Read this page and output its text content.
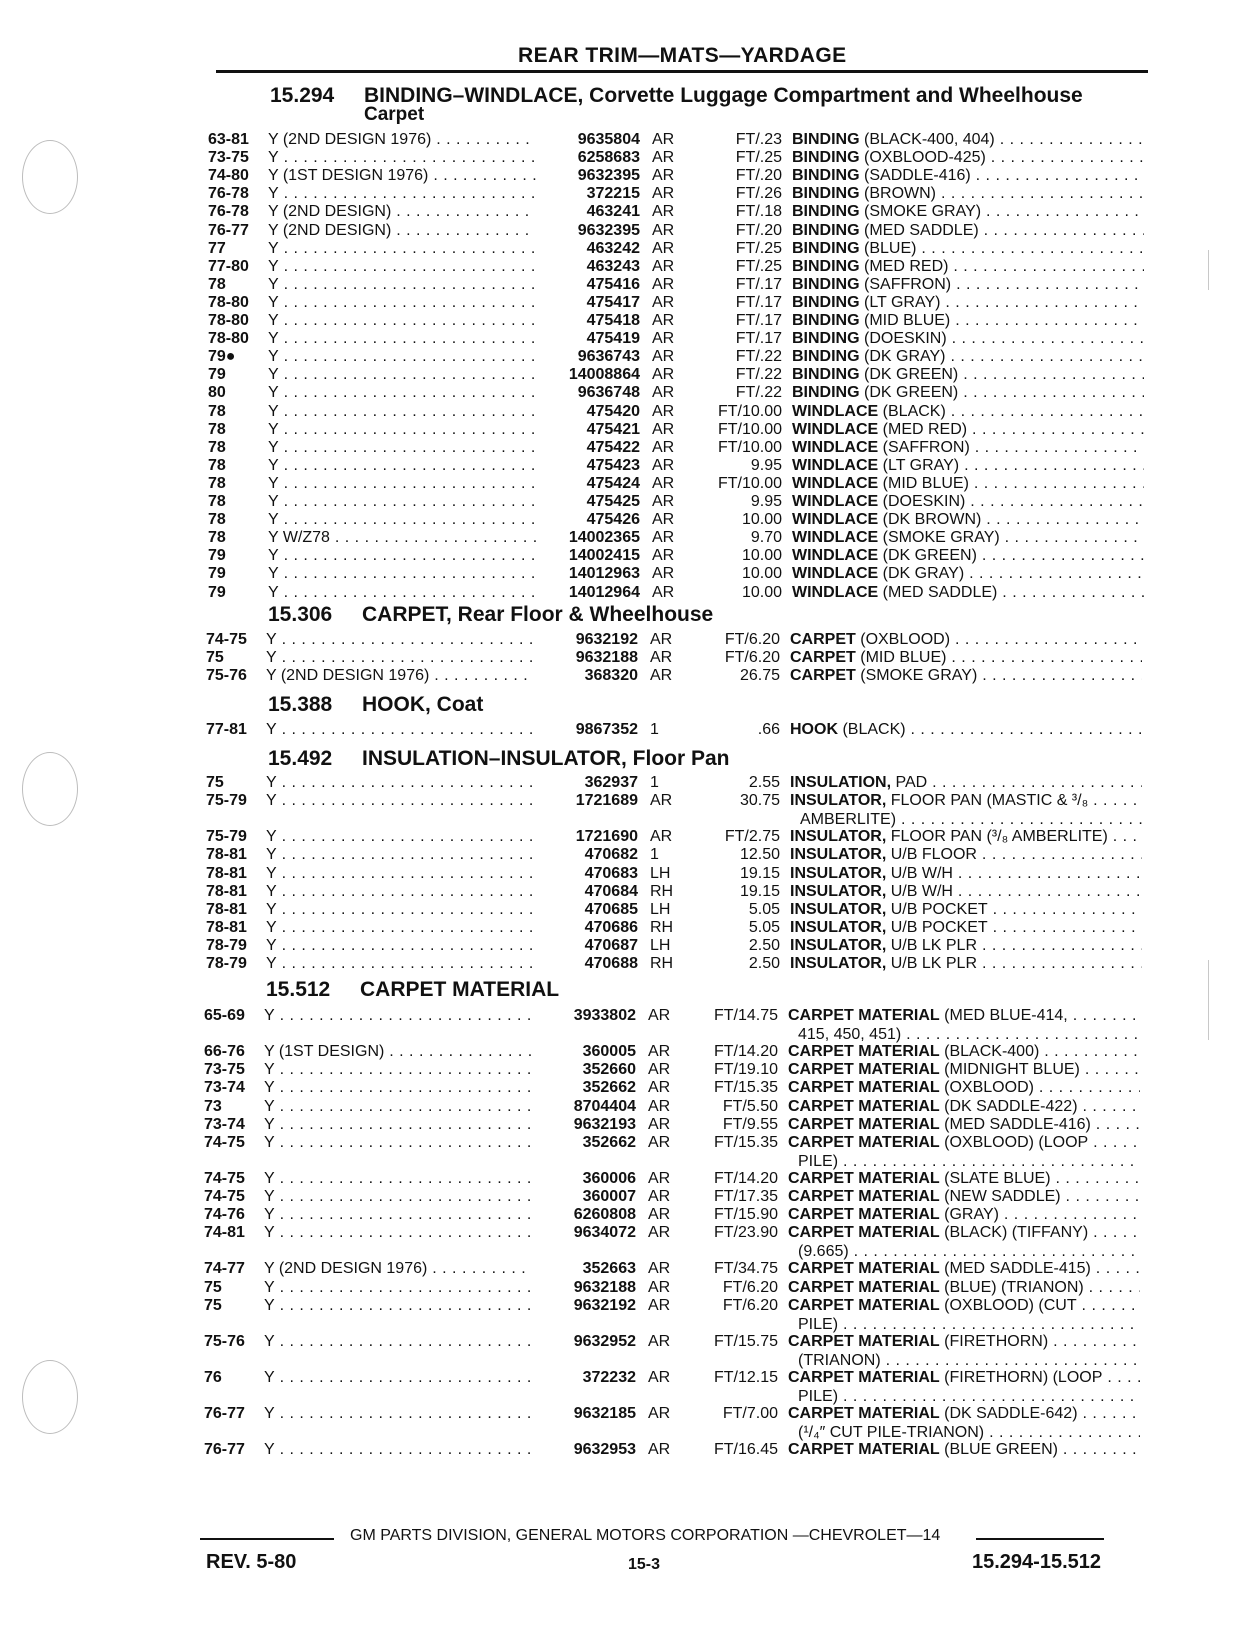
REAR TRIM—MATS—YARDAGE
15.294 BINDING–WINDLACE, Corvette Luggage Compartment and Wheelhouse
Carpet
63-81	Y (2ND DESIGN 1976) . . .	9635804 AR	FT/.23 BINDING (BLACK-400, 404) . . .
73-75	Y . . .	6258683 AR	FT/.25 BINDING (OXBLOOD-425) . . .
74-80	Y (1ST DESIGN 1976) . . .	9632395 AR	FT/.20 BINDING (SADDLE-416) . . .
76-78	Y . . .	372215 AR	FT/.26 BINDING (BROWN) . . .
76-78	Y (2ND DESIGN) . . .	463241 AR	FT/.18 BINDING (SMOKE GRAY) . . .
76-77	Y (2ND DESIGN) . . .	9632395 AR	FT/.20 BINDING (MED SADDLE) . . .
77	Y . . .	463242 AR	FT/.25 BINDING (BLUE) . . .
77-80	Y . . .	463243 AR	FT/.25 BINDING (MED RED) . . .
78	Y . . .	475416 AR	FT/.17 BINDING (SAFFRON) . . .
78-80	Y . . .	475417 AR	FT/.17 BINDING (LT GRAY) . . .
78-80	Y . . .	475418 AR	FT/.17 BINDING (MID BLUE) . . .
78-80	Y . . .	475419 AR	FT/.17 BINDING (DOESKIN) . . .
79●	Y . . .	9636743 AR	FT/.22 BINDING (DK GRAY) . . .
79	Y . . .	14008864 AR	FT/.22 BINDING (DK GREEN) . . .
80	Y . . .	9636748 AR	FT/.22 BINDING (DK GREEN) . . .
78	Y . . .	475420 AR	FT/10.00 WINDLACE (BLACK) . . .
78	Y . . .	475421 AR	FT/10.00 WINDLACE (MED RED) . . .
78	Y . . .	475422 AR	FT/10.00 WINDLACE (SAFFRON) . . .
78	Y . . .	475423 AR	9.95 WINDLACE (LT GRAY) . . .
78	Y . . .	475424 AR	FT/10.00 WINDLACE (MID BLUE) . . .
78	Y . . .	475425 AR	9.95 WINDLACE (DOESKIN) . . .
78	Y . . .	475426 AR	10.00 WINDLACE (DK BROWN) . . .
78	Y W/Z78 . . .	14002365 AR	9.70 WINDLACE (SMOKE GRAY) . . .
79	Y . . .	14002415 AR	10.00 WINDLACE (DK GREEN) . . .
79	Y . . .	14012963 AR	10.00 WINDLACE (DK GRAY) . . .
79	Y . . .	14012964 AR	10.00 WINDLACE (MED SADDLE) . . .
15.306 CARPET, Rear Floor & Wheelhouse
74-75	Y . . .	9632192 AR	FT/6.20 CARPET (OXBLOOD) . . .
75	Y . . .	9632188 AR	FT/6.20 CARPET (MID BLUE) . . .
75-76	Y (2ND DESIGN 1976) . . .	368320 AR	26.75 CARPET (SMOKE GRAY) . . .
15.388 HOOK, Coat
77-81	Y . . .	9867352 1	.66 HOOK (BLACK) . . .
15.492 INSULATION–INSULATOR, Floor Pan
75	Y . . .	362937 1	2.55 INSULATION, PAD . . .
75-79	Y . . .	1721689 AR	30.75 INSULATOR, FLOOR PAN (MASTIC & ³/₈ . . .
AMBERLITE) . . .
75-79	Y . . .	1721690 AR	FT/2.75 INSULATOR, FLOOR PAN (³/₈ AMBERLITE) . . .
78-81	Y . . .	470682 1	12.50 INSULATOR, U/B FLOOR . . .
78-81	Y . . .	470683 LH	19.15 INSULATOR, U/B W/H . . .
78-81	Y . . .	470684 RH	19.15 INSULATOR, U/B W/H . . .
78-81	Y . . .	470685 LH	5.05 INSULATOR, U/B POCKET . . .
78-81	Y . . .	470686 RH	5.05 INSULATOR, U/B POCKET . . .
78-79	Y . . .	470687 LH	2.50 INSULATOR, U/B LK PLR . . .
78-79	Y . . .	470688 RH	2.50 INSULATOR, U/B LK PLR . . .
15.512 CARPET MATERIAL
65-69	Y . . .	3933802 AR	FT/14.75 CARPET MATERIAL (MED BLUE-414, . . .
415, 450, 451) . . .
66-76	Y (1ST DESIGN) . . .	360005 AR	FT/14.20 CARPET MATERIAL (BLACK-400) . . .
73-75	Y . . .	352660 AR	FT/19.10 CARPET MATERIAL (MIDNIGHT BLUE) . . .
73-74	Y . . .	352662 AR	FT/15.35 CARPET MATERIAL (OXBLOOD) . . .
73	Y . . .	8704404 AR	FT/5.50 CARPET MATERIAL (DK SADDLE-422) . . .
73-74	Y . . .	9632193 AR	FT/9.55 CARPET MATERIAL (MED SADDLE-416) . . .
74-75	Y . . .	352662 AR	FT/15.35 CARPET MATERIAL (OXBLOOD) (LOOP . . .
PILE) . . .
74-75	Y . . .	360006 AR	FT/14.20 CARPET MATERIAL (SLATE BLUE) . . .
74-75	Y . . .	360007 AR	FT/17.35 CARPET MATERIAL (NEW SADDLE) . . .
74-76	Y . . .	6260808 AR	FT/15.90 CARPET MATERIAL (GRAY) . . .
74-81	Y . . .	9634072 AR	FT/23.90 CARPET MATERIAL (BLACK) (TIFFANY) . . .
(9.665) . . .
74-77	Y (2ND DESIGN 1976) . . .	352663 AR	FT/34.75 CARPET MATERIAL (MED SADDLE-415) . . .
75	Y . . .	9632188 AR	FT/6.20 CARPET MATERIAL (BLUE) (TRIANON) . . .
75	Y . . .	9632192 AR	FT/6.20 CARPET MATERIAL (OXBLOOD) (CUT . . .
PILE) . . .
75-76	Y . . .	9632952 AR	FT/15.75 CARPET MATERIAL (FIRETHORN) . . .
(TRIANON) . . .
76	Y . . .	372232 AR	FT/12.15 CARPET MATERIAL (FIRETHORN) (LOOP . . .
PILE) . . .
76-77	Y . . .	9632185 AR	FT/7.00 CARPET MATERIAL (DK SADDLE-642) . . .
(¹/₄″ CUT PILE-TRIANON) . . .
76-77	Y . . .	9632953 AR	FT/16.45 CARPET MATERIAL (BLUE GREEN) . . .
GM PARTS DIVISION, GENERAL MOTORS CORPORATION —CHEVROLET—14
REV. 5-80	15-3	15.294-15.512
